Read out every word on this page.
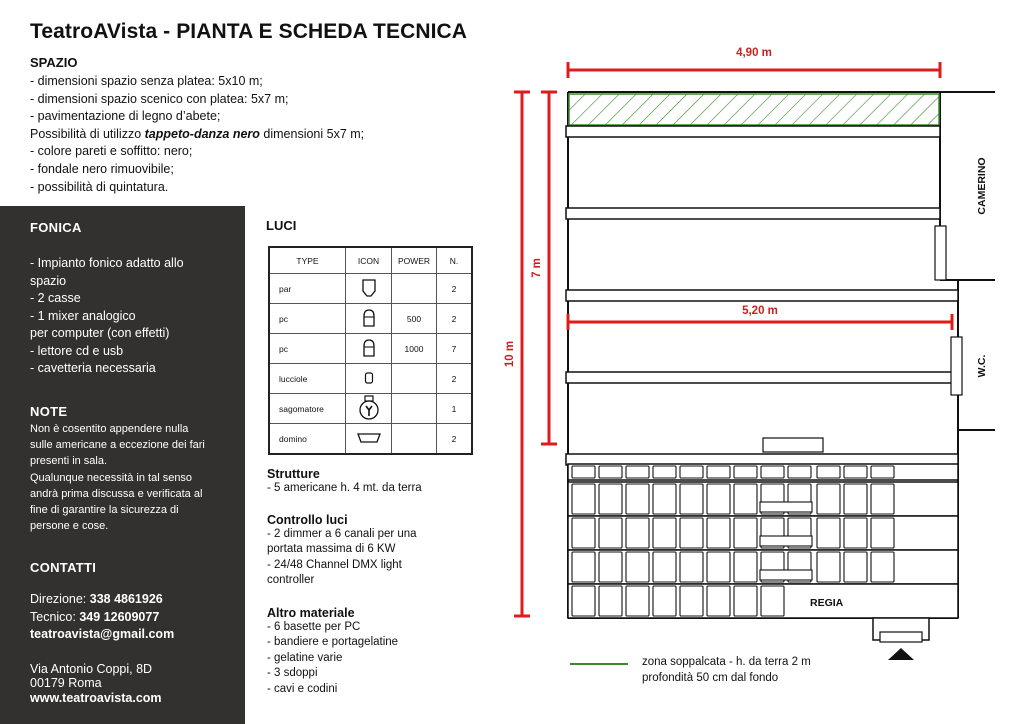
TeatroAVista - PIANTA E SCHEDA TECNICA
SPAZIO
- dimensioni spazio senza platea: 5x10 m;
- dimensioni spazio scenico con platea: 5x7 m;
- pavimentazione di legno d’abete;
Possibilità di utilizzo tappeto-danza nero dimensioni 5x7 m;
- colore pareti e soffitto: nero;
- fondale nero rimuovibile;
- possibilità di quintatura.
FONICA
- Impianto fonico adatto allo
spazio
- 2 casse
- 1 mixer analogico
per computer (con effetti)
- lettore cd e usb
- cavetteria necessaria
NOTE
Non è cosentito appendere nulla
sulle americane a eccezione dei fari
presenti in sala.
Qualunque necessità in tal senso
andrà prima discussa e verificata al
fine di garantire la sicurezza di
persone e cose.
CONTATTI
Direzione: 338 4861926
Tecnico: 349 12609077
teatroavista@gmail.com
Via Antonio Coppi, 8D
00179 Roma
www.teatroavista.com
LUCI
TYPE	ICON	POWER	N.
par			2
pc		500	2
pc		1000	7
lucciole			2
sagomatore			1
domino			2
Strutture
- 5 americane h. 4 mt. da terra
Controllo luci
- 2 dimmer a 6 canali per una
portata massima di 6 KW
- 24/48 Channel DMX light
controller
Altro materiale
- 6 basette per PC
- bandiere e portagelatine
- gelatine varie
- 3 sdoppi
- cavi e codini
REGIA
CAMERINO
W.C.
4,90 m
5,20 m
7 m
10 m
zona soppalcata - h. da terra 2 m
profondità 50 cm dal fondo
